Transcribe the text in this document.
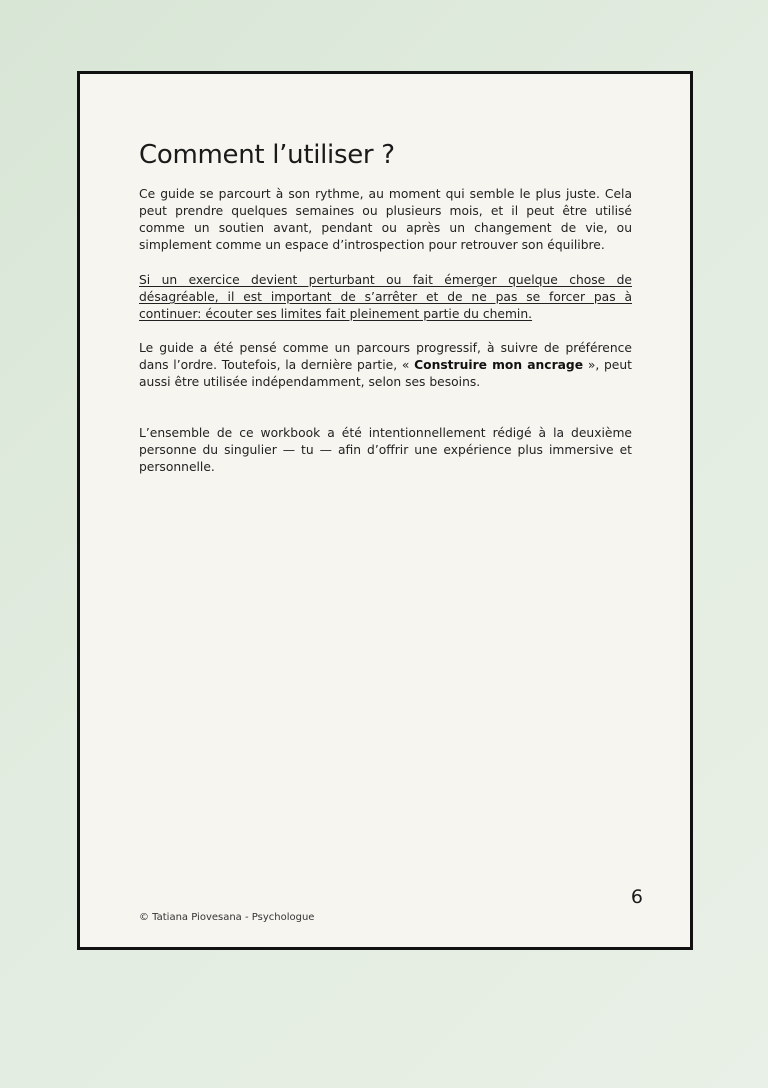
Comment l’utiliser ?

Ce guide se parcourt à son rythme, au moment qui semble le plus juste. Cela peut prendre quelques semaines ou plusieurs mois, et il peut être utilisé comme un soutien avant, pendant ou après un changement de vie, ou simplement comme un espace d’introspection pour retrouver son équilibre.

Si un exercice devient perturbant ou fait émerger quelque chose de désagréable, il est important de s’arrêter et de ne pas se forcer pas à continuer: écouter ses limites fait pleinement partie du chemin.

Le guide a été pensé comme un parcours progressif, à suivre de préférence dans l’ordre. Toutefois, la dernière partie, « Construire mon ancrage », peut aussi être utilisée indépendamment, selon ses besoins.

L’ensemble de ce workbook a été intentionnellement rédigé à la deuxième personne du singulier — tu — afin d’offrir une expérience plus immersive et personnelle.

6
© Tatiana Piovesana - Psychologue
